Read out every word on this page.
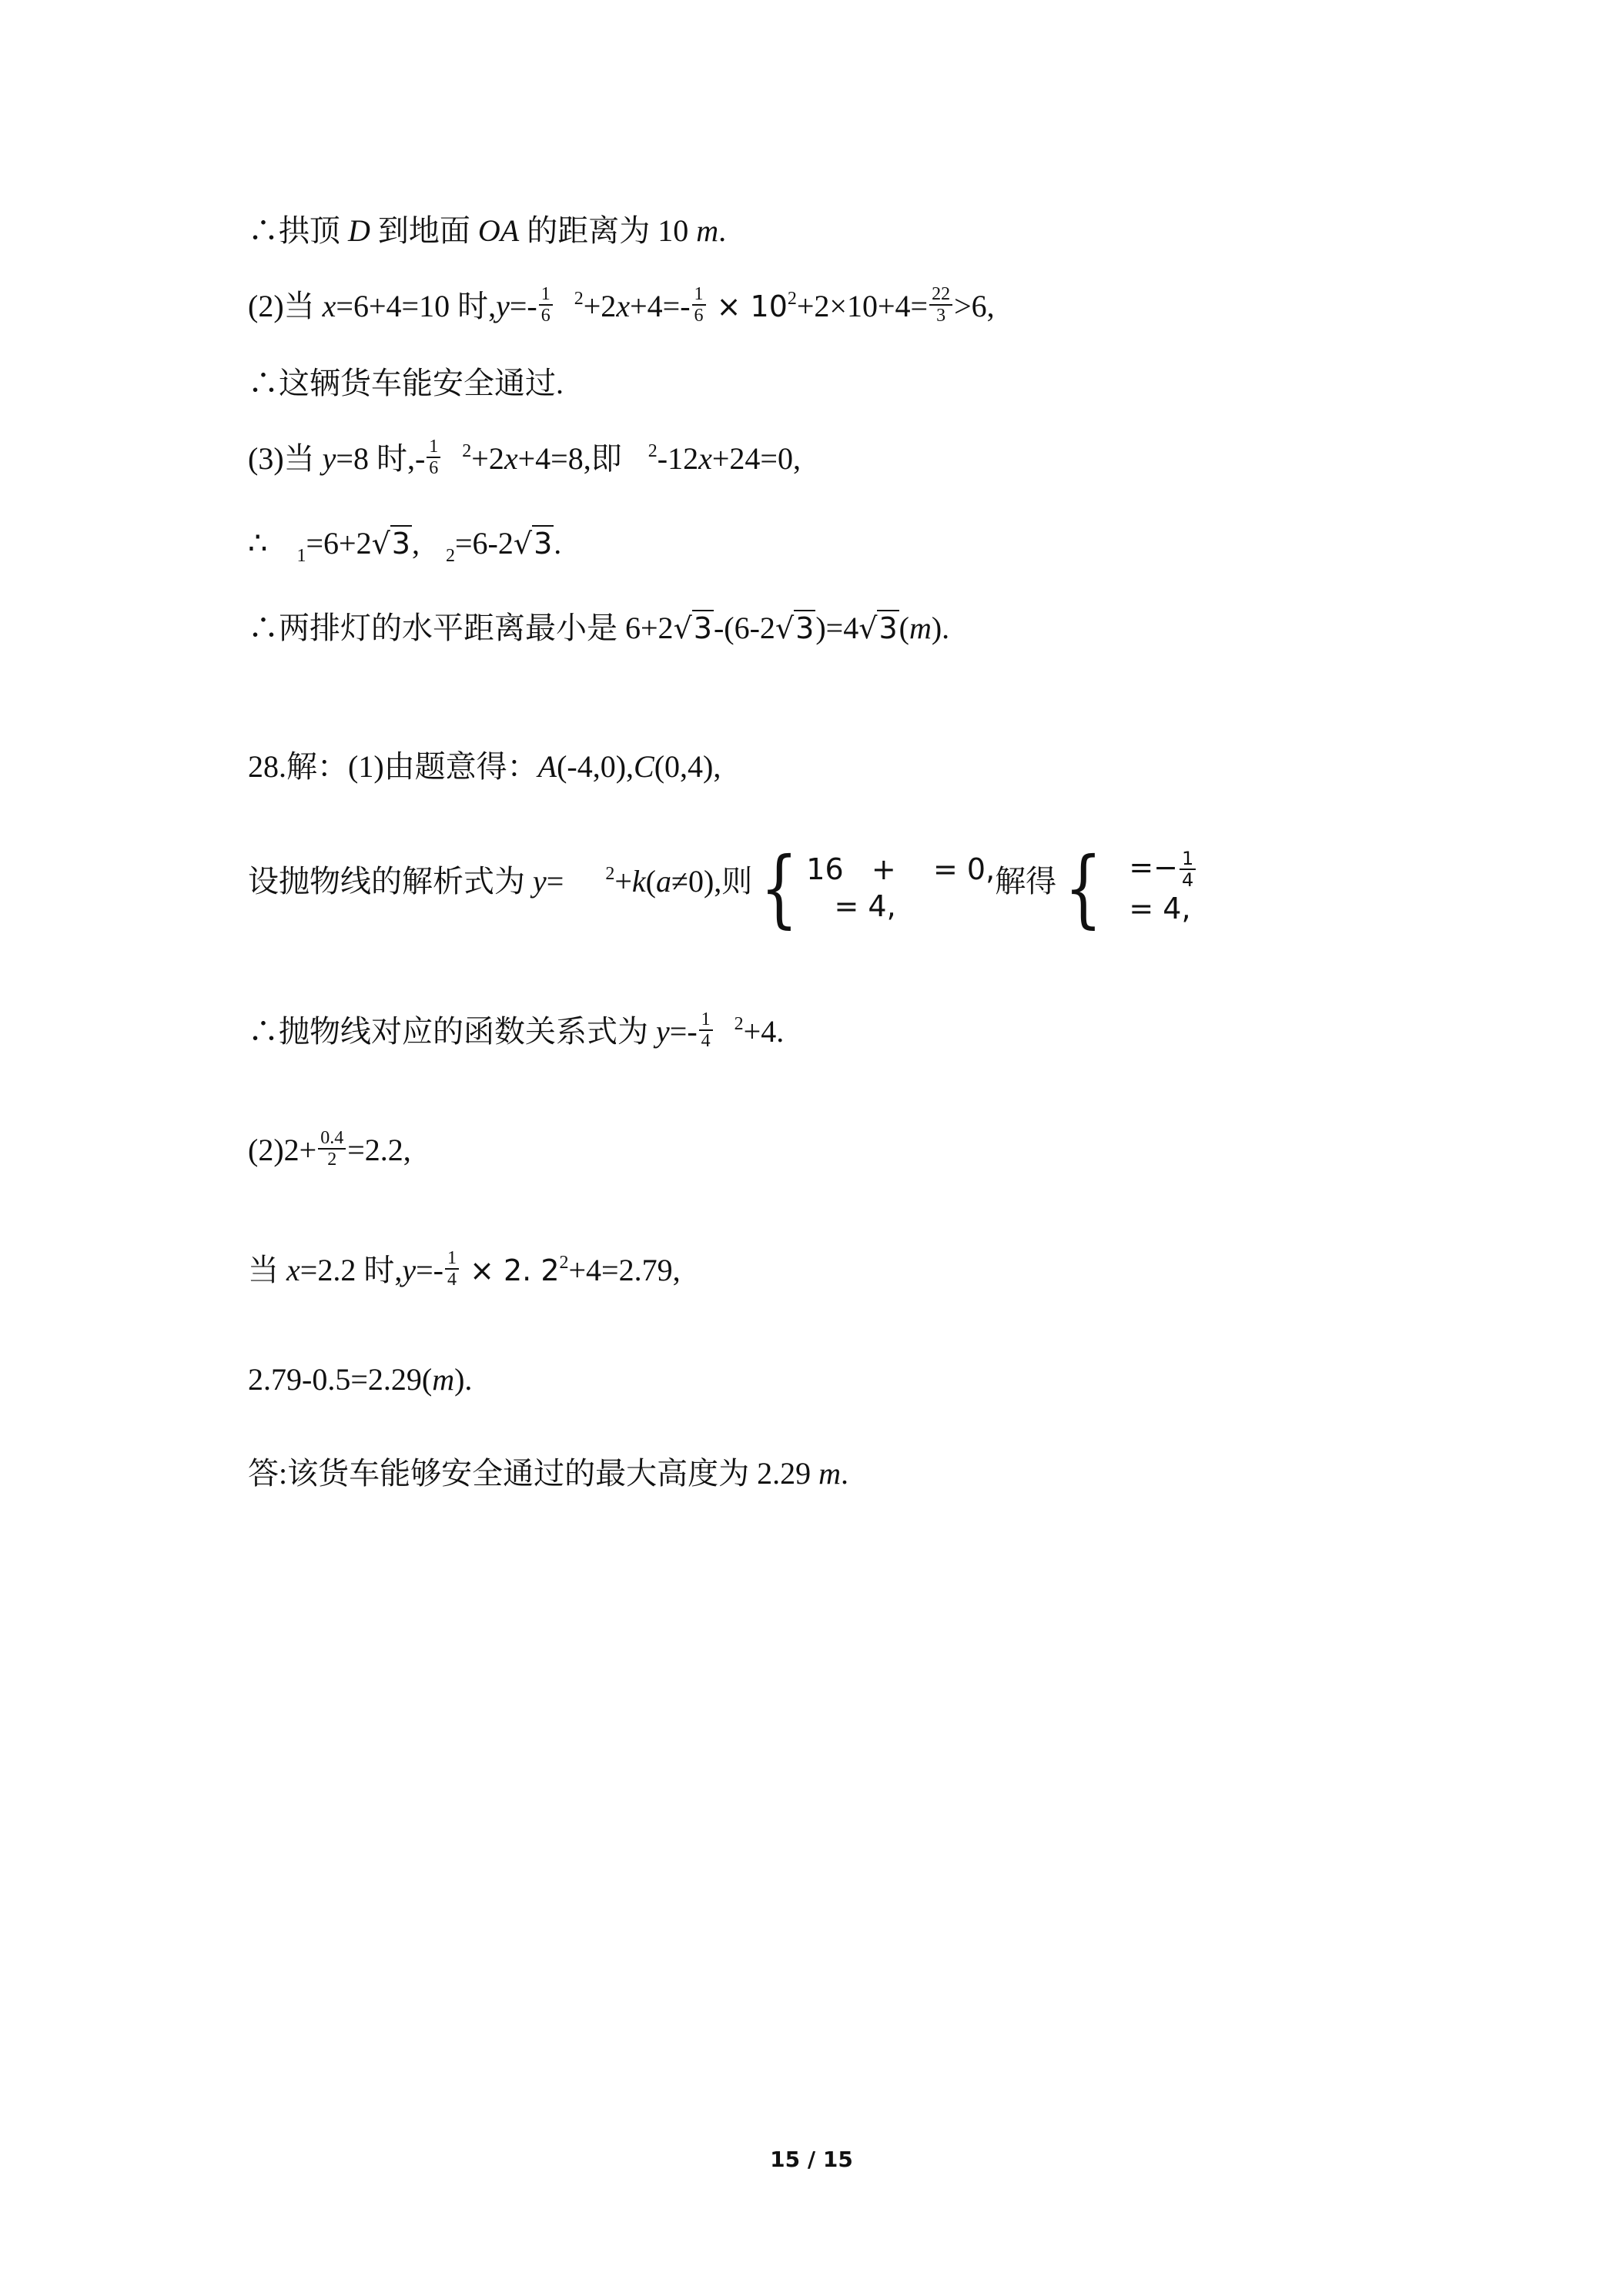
∴拱顶 D 到地面 OA 的距离为 10 m.
(2)当 x=6+4=10 时$,y=- \frac{1}{6} ^2+2x+4=- \frac{1}{6} \times 10^2+2\times 10+4= \frac{22}{3} >6$,
∴这辆货车能安全通过.
(3)当 y=8 时,- $\frac{1}{6} ^2+2x+4=8$,即 $^2$-12x+24=0,
∴ $_1$=6+2√3, $_2$=6-2√3.
∴两排灯的水平距离最小是 6+2√3-(6-2√3)=4√3(m).
28.解：(1)由题意得：A(-4,0),C(0,4),
设抛物线的解析式为 y= $^2$+k(a≠0),则{ 16   +    = 0,
= 4,
解得{ =− $\frac{1}{4}$
= 4,
∴抛物线对应的函数关系式为 $y=- \frac{1}{4} ^2+4$.
$(2)2+ \frac{0.4}{2} =2.2$,
当 x=2.2 时$,y=- \frac{1}{4} \times 2$. $2^2+4=2.79$,
2.79-0.5=2.29(m).
答:该货车能够安全通过的最大高度为 2.29 m.
15 / 15
